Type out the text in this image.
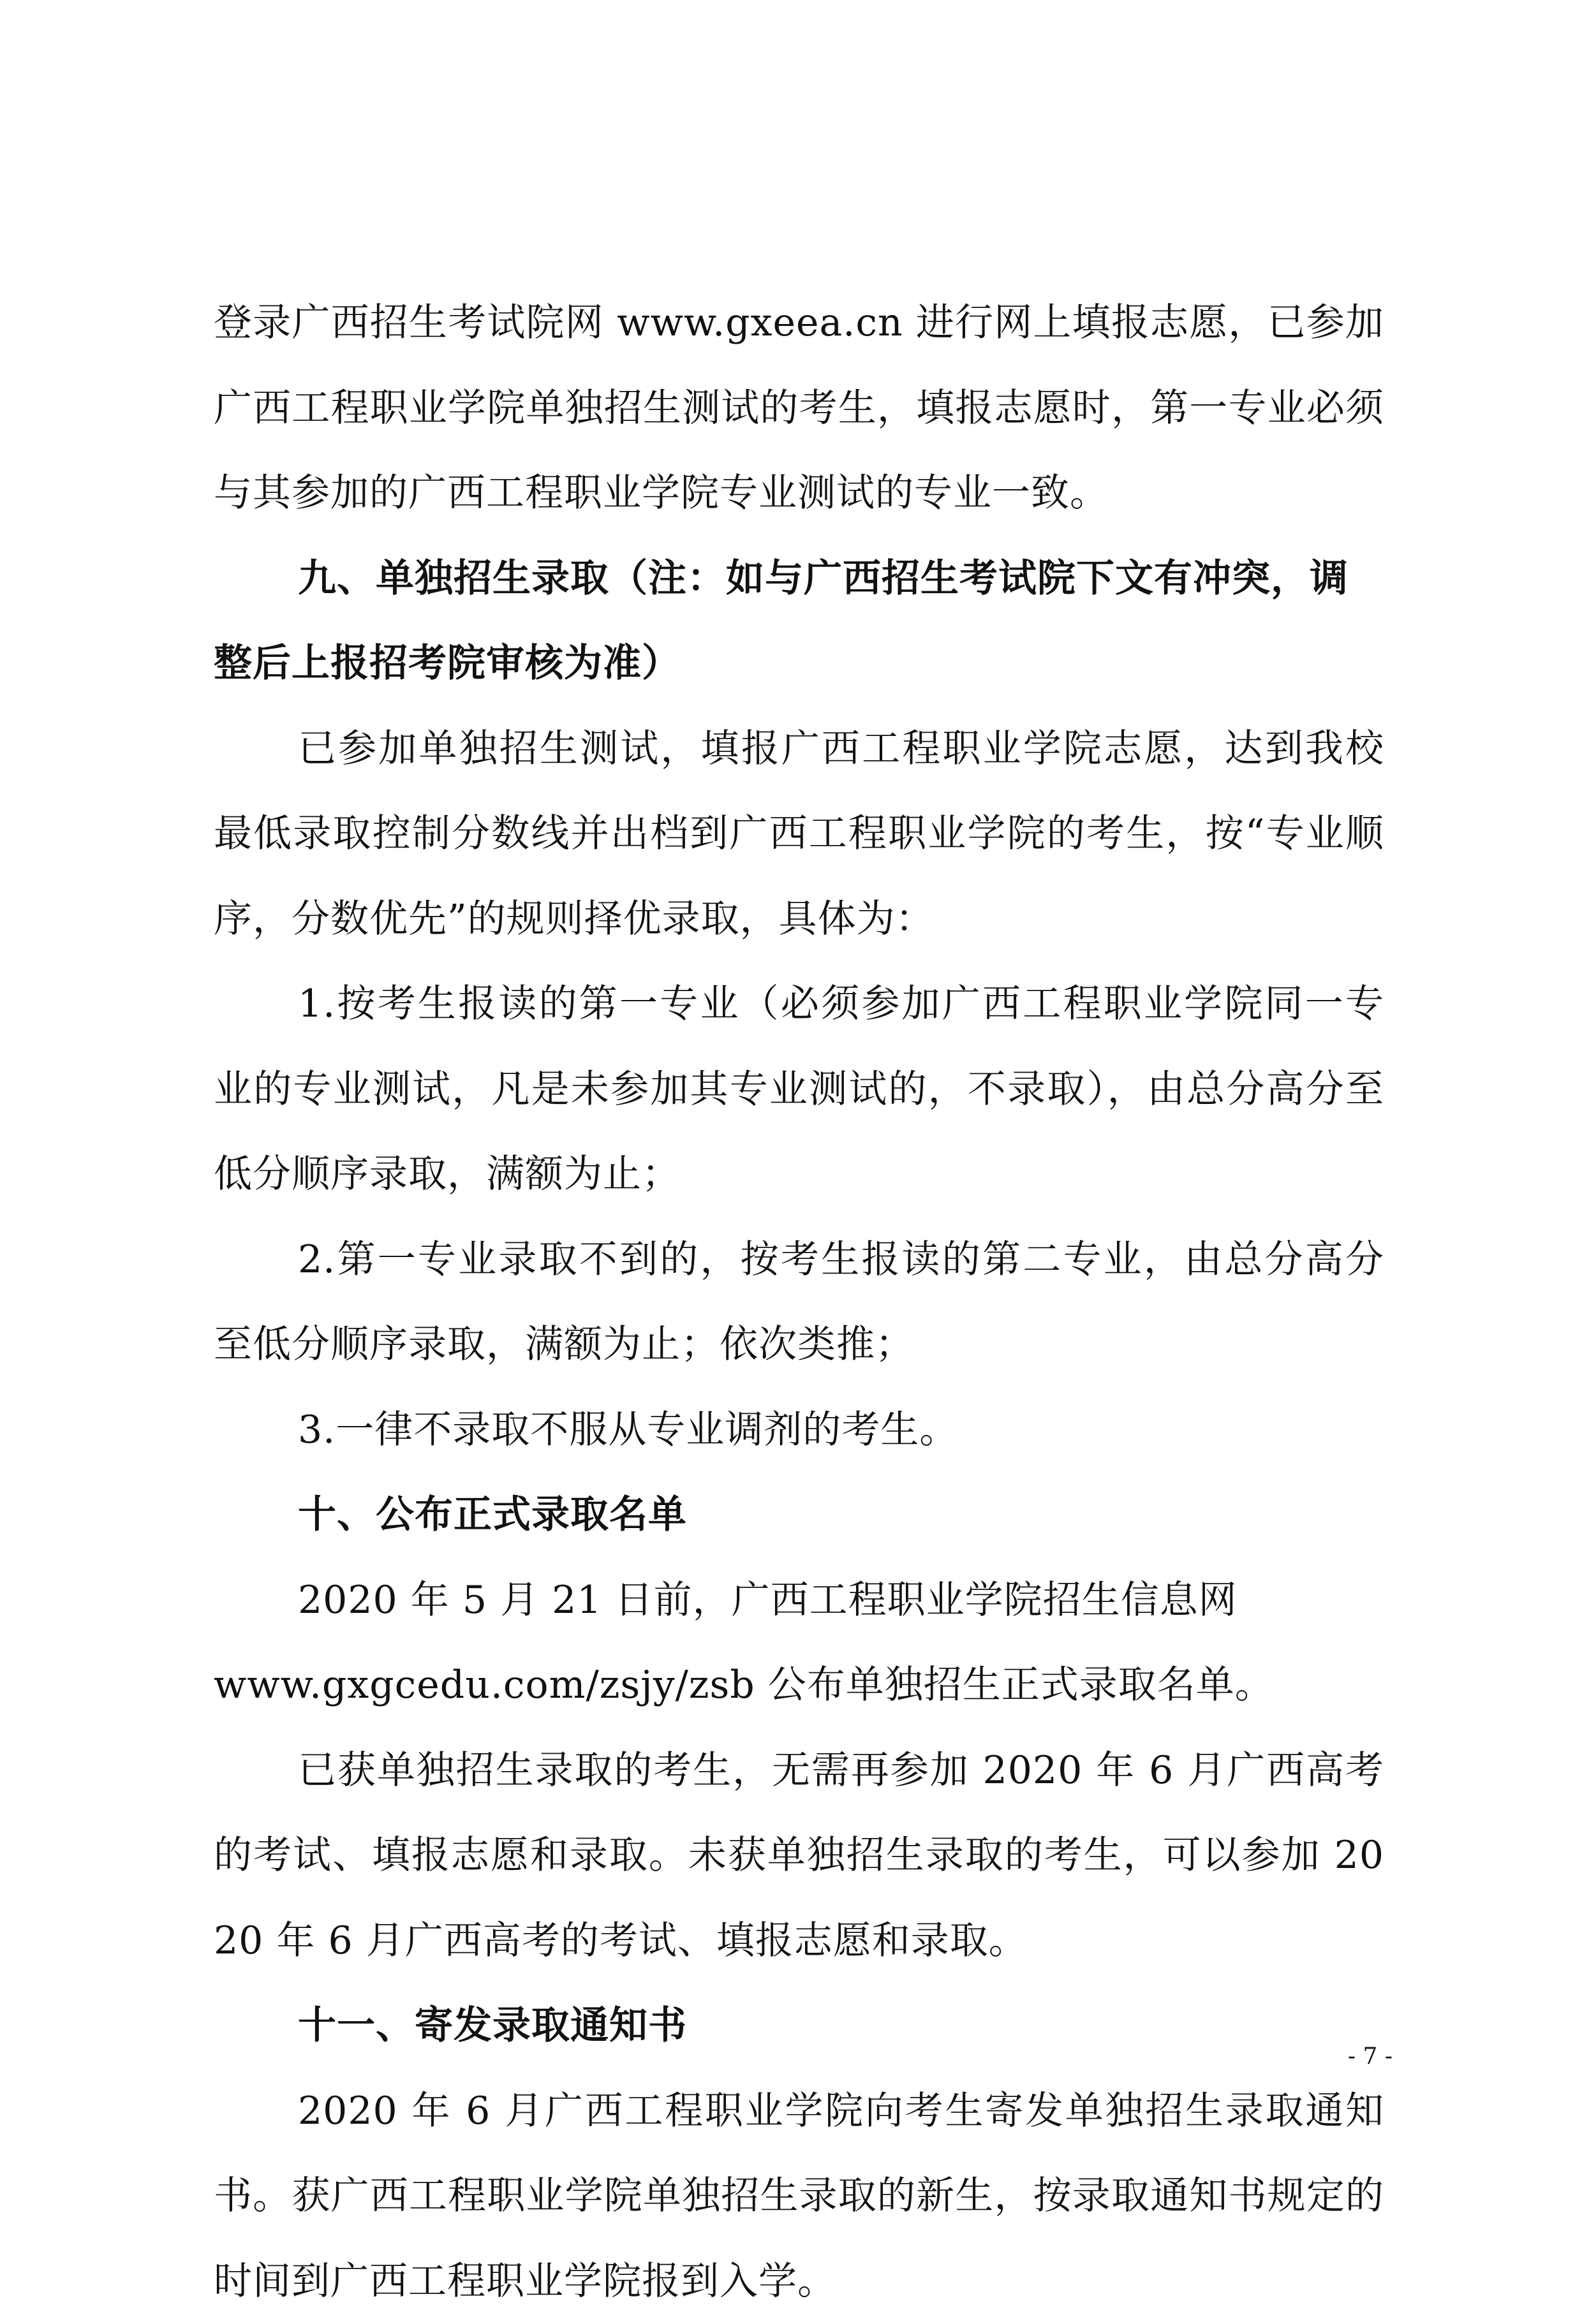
登录广西招生考试院网 www.gxeea.cn 进行网上填报志愿，已参加广西工程职业学院单独招生测试的考生，填报志愿时，第一专业必须与其参加的广西工程职业学院专业测试的专业一致。

九、单独招生录取（注：如与广西招生考试院下文有冲突，调整后上报招考院审核为准）

已参加单独招生测试，填报广西工程职业学院志愿，达到我校最低录取控制分数线并出档到广西工程职业学院的考生，按“专业顺序，分数优先”的规则择优录取，具体为：

1.按考生报读的第一专业（必须参加广西工程职业学院同一专业的专业测试，凡是未参加其专业测试的，不录取），由总分高分至低分顺序录取，满额为止；

2.第一专业录取不到的，按考生报读的第二专业，由总分高分至低分顺序录取，满额为止；依次类推；

3.一律不录取不服从专业调剂的考生。

十、公布正式录取名单

2020 年 5 月 21 日前，广西工程职业学院招生信息网

www.gxgcedu.com/zsjy/zsb 公布单独招生正式录取名单。

已获单独招生录取的考生，无需再参加 2020 年 6 月广西高考的考试、填报志愿和录取。未获单独招生录取的考生，可以参加 2020 年 6 月广西高考的考试、填报志愿和录取。

十一、寄发录取通知书

2020 年 6 月广西工程职业学院向考生寄发单独招生录取通知书。获广西工程职业学院单独招生录取的新生，按录取通知书规定的时间到广西工程职业学院报到入学。

- 7 -
